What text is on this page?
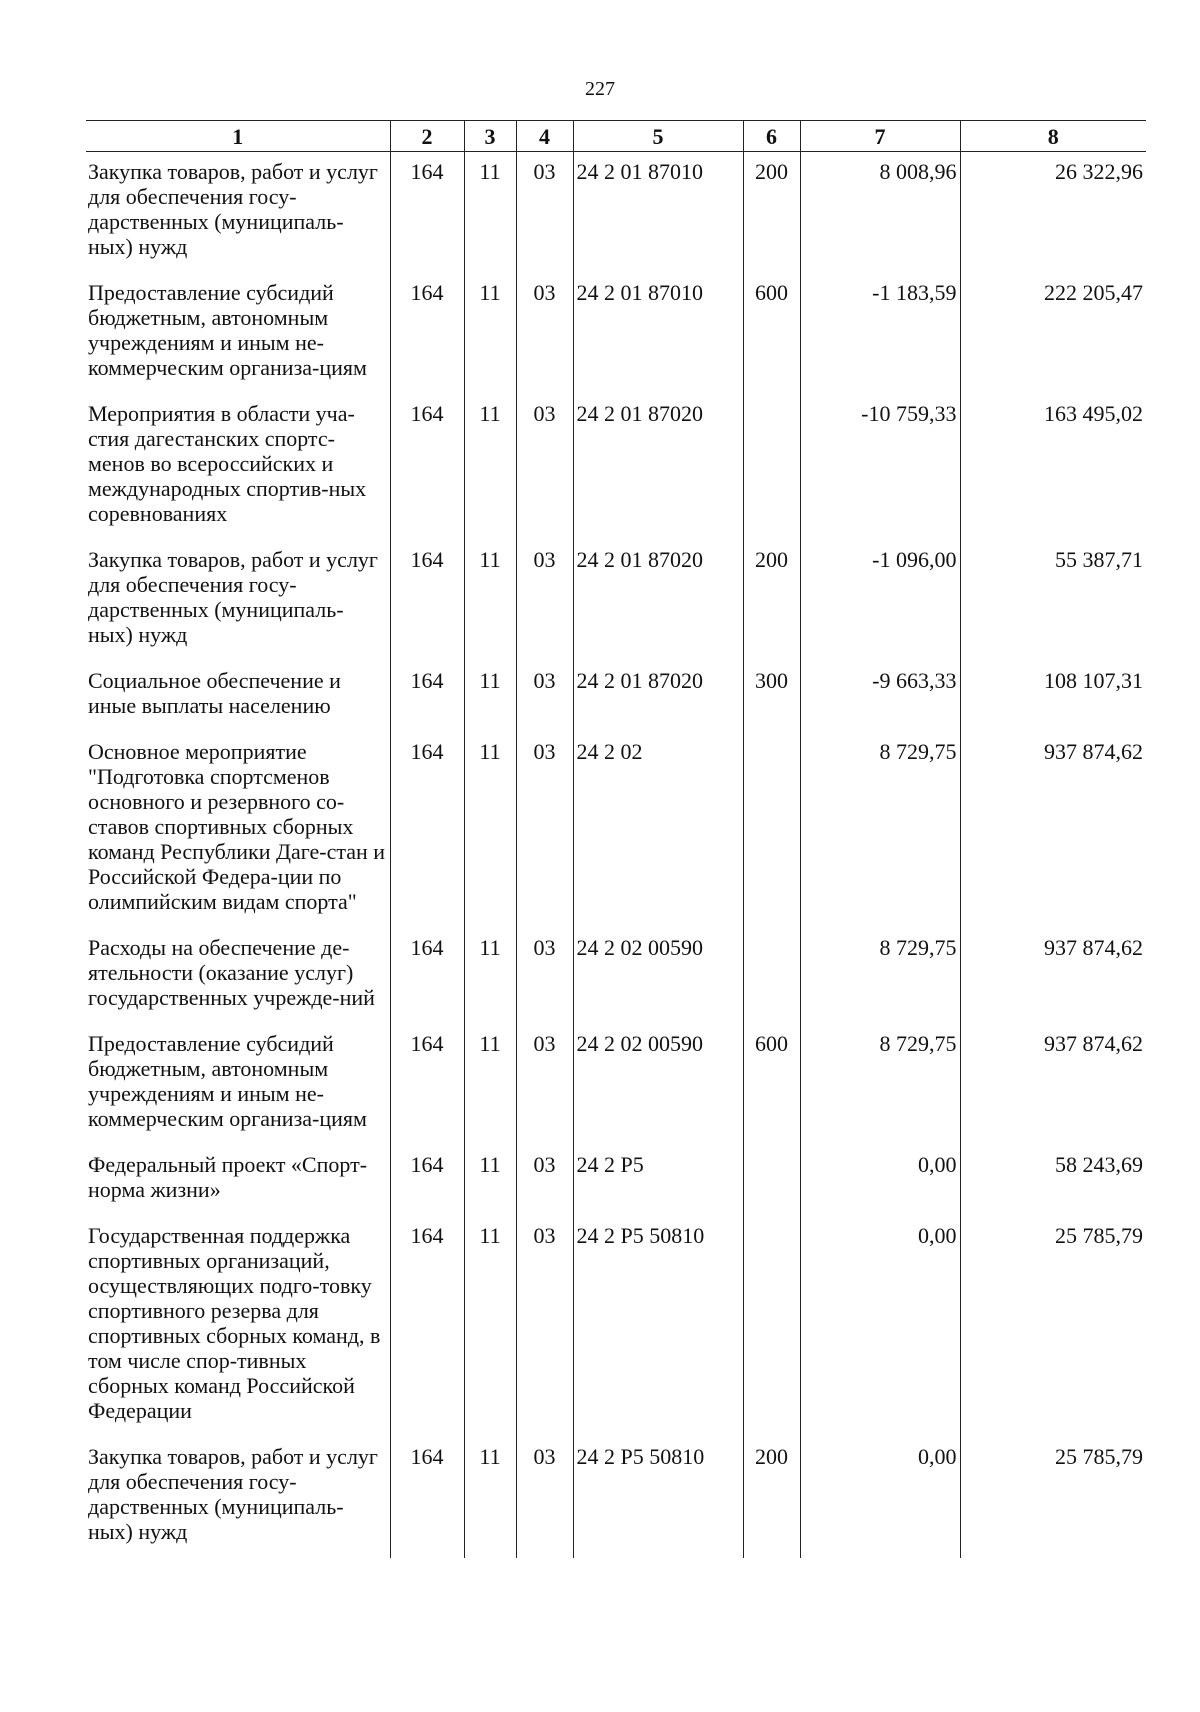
227
1	2	3	4	5	6	7	8
Закупка товаров, работ и услуг для обеспечения госу-дарственных (муниципаль-ных) нужд	164	11	03	24 2 01 87010	200	8 008,96	26 322,96
Предоставление субсидий бюджетным, автономным учреждениям и иным не-коммерческим организа-циям	164	11	03	24 2 01 87010	600	-1 183,59	222 205,47
Мероприятия в области уча-стия дагестанских спортс-менов во всероссийских и международных спортив-ных соревнованиях	164	11	03	24 2 01 87020		-10 759,33	163 495,02
Закупка товаров, работ и услуг для обеспечения госу-дарственных (муниципаль-ных) нужд	164	11	03	24 2 01 87020	200	-1 096,00	55 387,71
Социальное обеспечение и иные выплаты населению	164	11	03	24 2 01 87020	300	-9 663,33	108 107,31
Основное мероприятие "Подготовка спортсменов основного и резервного со-ставов спортивных сборных команд Республики Даге-стан и Российской Федера-ции по олимпийским видам спорта"	164	11	03	24 2 02		8 729,75	937 874,62
Расходы на обеспечение де-ятельности (оказание услуг) государственных учрежде-ний	164	11	03	24 2 02 00590		8 729,75	937 874,62
Предоставление субсидий бюджетным, автономным учреждениям и иным не-коммерческим организа-циям	164	11	03	24 2 02 00590	600	8 729,75	937 874,62
Федеральный проект «Спорт-норма жизни»	164	11	03	24 2 P5		0,00	58 243,69
Государственная поддержка спортивных организаций, осуществляющих подго-товку спортивного резерва для спортивных сборных команд, в том числе спор-тивных сборных команд Российской Федерации	164	11	03	24 2 P5 50810		0,00	25 785,79
Закупка товаров, работ и услуг для обеспечения госу-дарственных (муниципаль-ных) нужд	164	11	03	24 2 P5 50810	200	0,00	25 785,79
